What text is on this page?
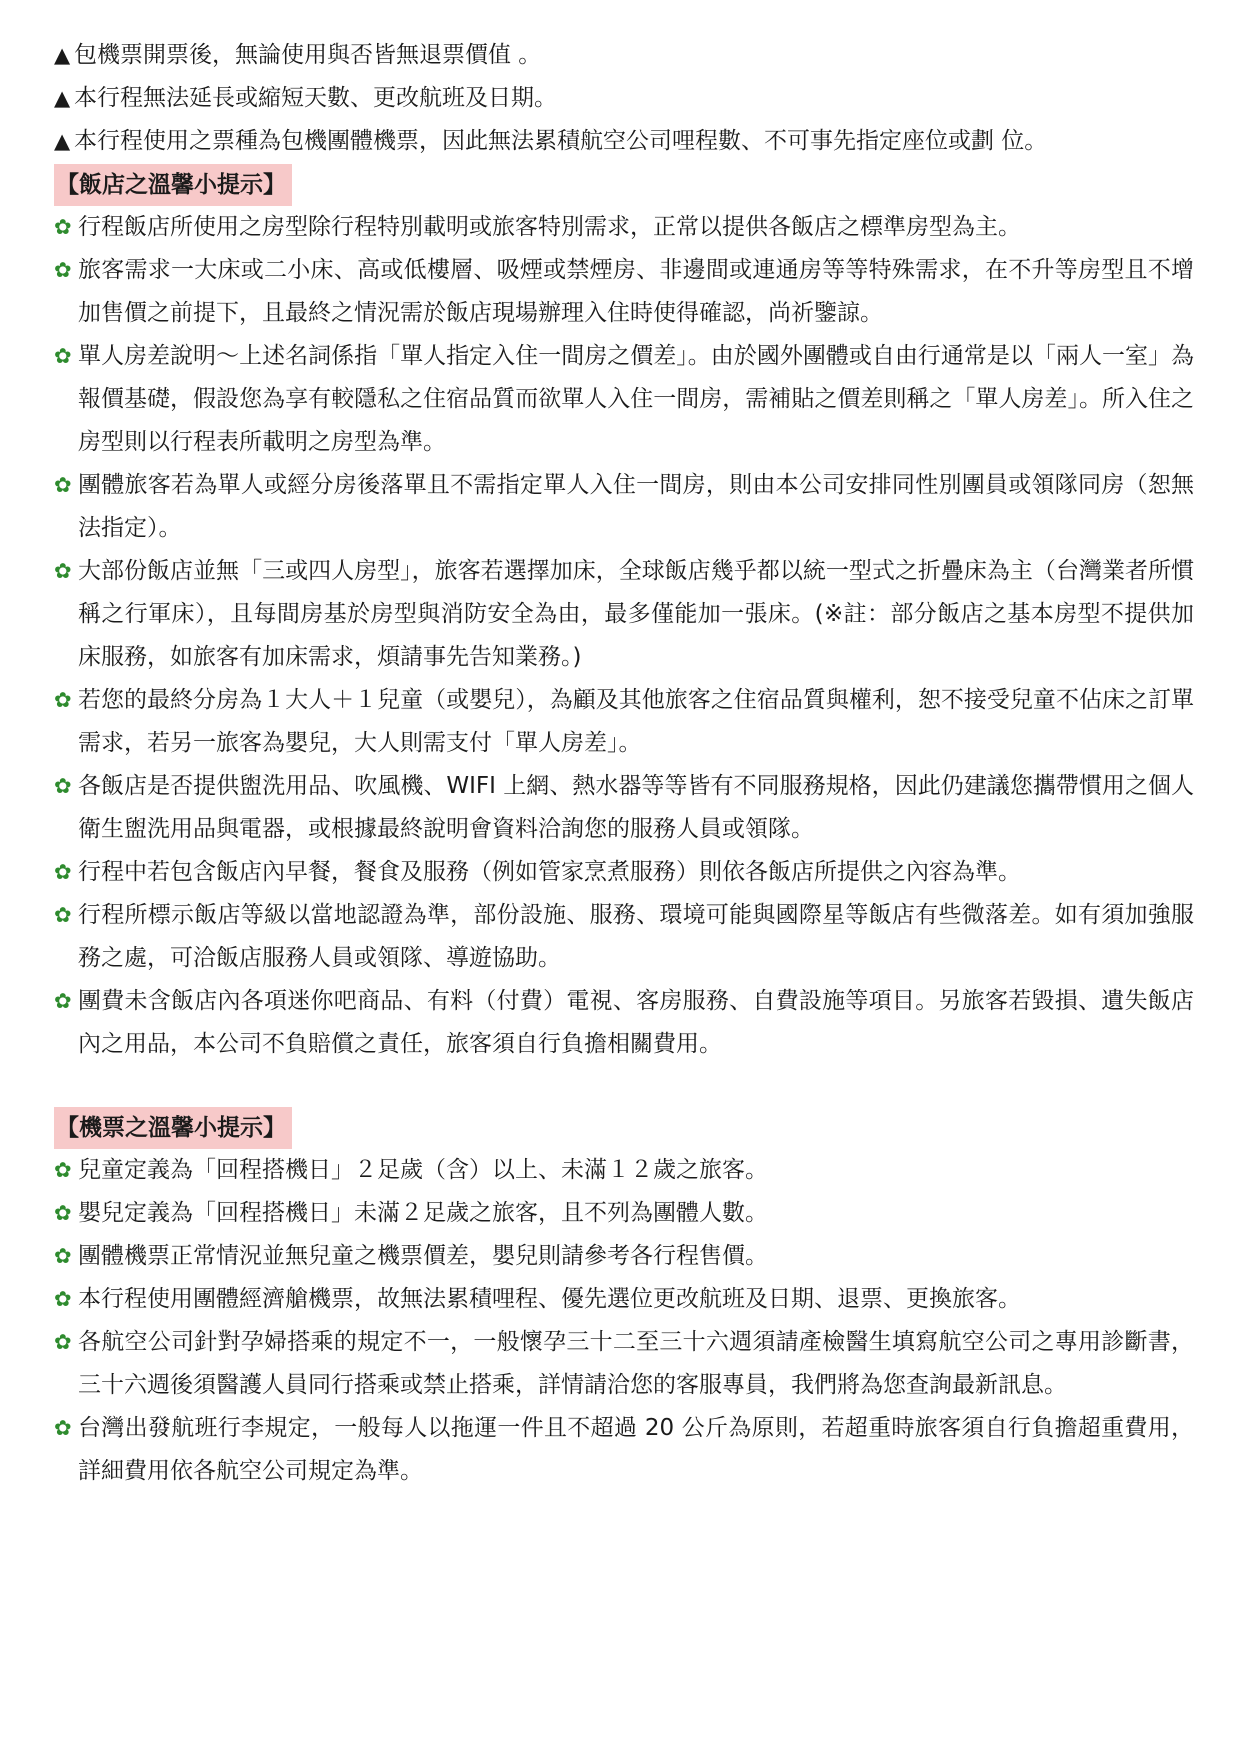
▲ 包機票開票後，無論使用與否皆無退票價值 。
▲ 本行程無法延長或縮短天數、更改航班及日期。
▲ 本行程使用之票種為包機團體機票，因此無法累積航空公司哩程數、不可事先指定座位或劃 位。
【飯店之溫馨小提示】
✿ 行程飯店所使用之房型除行程特別載明或旅客特別需求，正常以提供各飯店之標準房型為主。
✿ 旅客需求一大床或二小床、高或低樓層、吸煙或禁煙房、非邊間或連通房等等特殊需求，在不升等房型且不增加售價之前提下，且最終之情況需於飯店現場辦理入住時使得確認，尚祈鑒諒。
✿ 單人房差說明～上述名詞係指「單人指定入住一間房之價差」。由於國外團體或自由行通常是以「兩人一室」為報價基礎，假設您為享有較隱私之住宿品質而欲單人入住一間房，需補貼之價差則稱之「單人房差」。所入住之房型則以行程表所載明之房型為準。
✿ 團體旅客若為單人或經分房後落單且不需指定單人入住一間房，則由本公司安排同性別團員或領隊同房（恕無法指定）。
✿ 大部份飯店並無「三或四人房型」，旅客若選擇加床，全球飯店幾乎都以統一型式之折疊床為主（台灣業者所慣稱之行軍床），且每間房基於房型與消防安全為由，最多僅能加一張床。(※註：部分飯店之基本房型不提供加床服務，如旅客有加床需求，煩請事先告知業務。)
✿ 若您的最終分房為１大人＋１兒童（或嬰兒），為顧及其他旅客之住宿品質與權利，恕不接受兒童不佔床之訂單需求，若另一旅客為嬰兒，大人則需支付「單人房差」。
✿ 各飯店是否提供盥洗用品、吹風機、WIFI 上網、熱水器等等皆有不同服務規格，因此仍建議您攜帶慣用之個人衛生盥洗用品與電器，或根據最終說明會資料洽詢您的服務人員或領隊。
✿ 行程中若包含飯店內早餐，餐食及服務（例如管家烹煮服務）則依各飯店所提供之內容為準。
✿ 行程所標示飯店等級以當地認證為準，部份設施、服務、環境可能與國際星等飯店有些微落差。如有須加強服務之處，可洽飯店服務人員或領隊、導遊協助。
✿ 團費未含飯店內各項迷你吧商品、有料（付費）電視、客房服務、自費設施等項目。另旅客若毀損、遺失飯店內之用品，本公司不負賠償之責任，旅客須自行負擔相關費用。
【機票之溫馨小提示】
✿ 兒童定義為「回程搭機日」２足歲（含）以上、未滿１２歲之旅客。
✿ 嬰兒定義為「回程搭機日」未滿２足歲之旅客，且不列為團體人數。
✿ 團體機票正常情況並無兒童之機票價差，嬰兒則請參考各行程售價。
✿ 本行程使用團體經濟艙機票，故無法累積哩程、優先選位更改航班及日期、退票、更換旅客。
✿ 各航空公司針對孕婦搭乘的規定不一，一般懷孕三十二至三十六週須請產檢醫生填寫航空公司之專用診斷書，三十六週後須醫護人員同行搭乘或禁止搭乘，詳情請洽您的客服專員，我們將為您查詢最新訊息。
✿ 台灣出發航班行李規定，一般每人以拖運一件且不超過 20 公斤為原則，若超重時旅客須自行負擔超重費用，詳細費用依各航空公司規定為準。
